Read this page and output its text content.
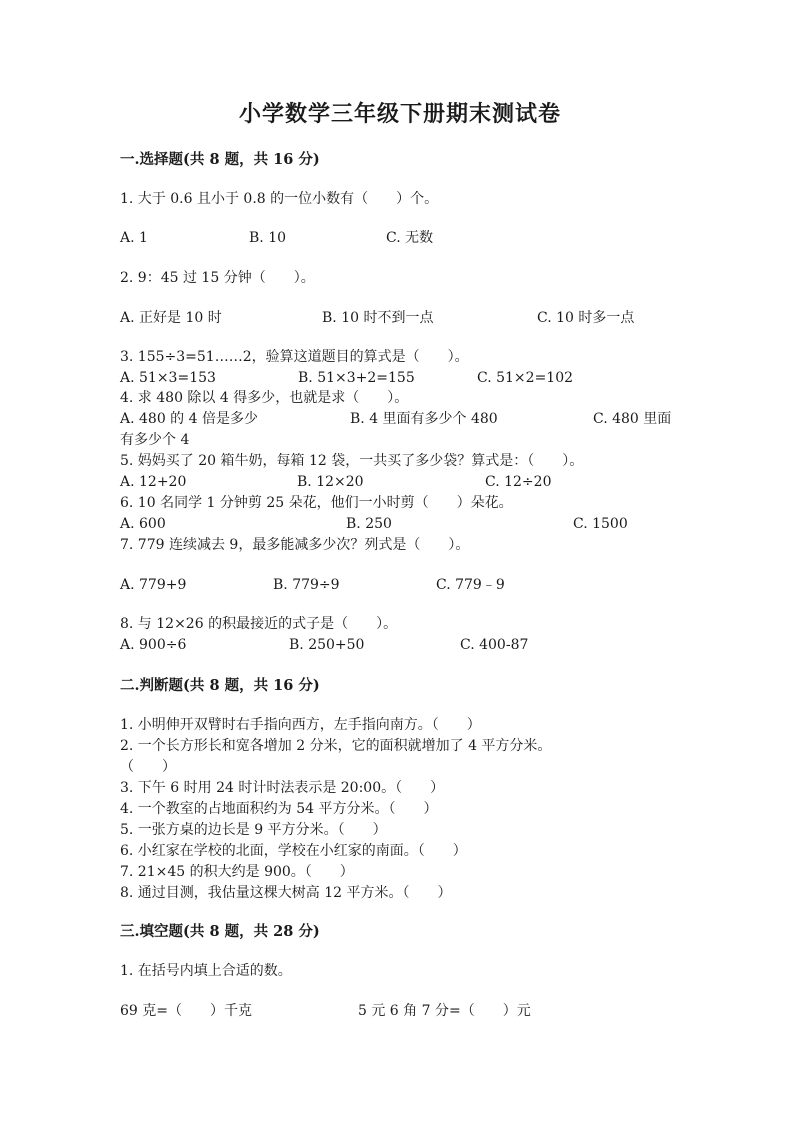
小学数学三年级下册期末测试卷
一.选择题(共 8 题，共 16 分)
1. 大于 0.6 且小于 0.8 的一位小数有（　　）个。
A. 1	B. 10	C. 无数
2. 9：45 过 15 分钟（　　）。
A. 正好是 10 时	B. 10 时不到一点	C. 10 时多一点
3. 155÷3=51……2，验算这道题目的算式是（　　）。
A. 51×3=153	B. 51×3+2=155	C. 51×2=102
4. 求 480 除以 4 得多少，也就是求（　　）。
A. 480 的 4 倍是多少	B. 4 里面有多少个 480	C. 480 里面
有多少个 4
5. 妈妈买了 20 箱牛奶，每箱 12 袋，一共买了多少袋？算式是：（　　）。
A. 12+20	B. 12×20	C. 12÷20
6. 10 名同学 1 分钟剪 25 朵花，他们一小时剪（　　）朵花。
A. 600	B. 250	C. 1500
7. 779 连续减去 9，最多能减多少次？列式是（　　）。
A. 779+9	B. 779÷9	C. 779﹣9
8. 与 12×26 的积最接近的式子是（　　）。
A. 900÷6	B. 250+50	C. 400-87
二.判断题(共 8 题，共 16 分)
1. 小明伸开双臂时右手指向西方，左手指向南方。（　　）
2. 一个长方形长和宽各增加 2 分米，它的面积就增加了 4 平方分米。
（　　）
3. 下午 6 时用 24 时计时法表示是 20:00。（　　）
4. 一个教室的占地面积约为 54 平方分米。（　　）
5. 一张方桌的边长是 9 平方分米。（　　）
6. 小红家在学校的北面，学校在小红家的南面。（　　）
7. 21×45 的积大约是 900。（　　）
8. 通过目测，我估量这棵大树高 12 平方米。（　　）
三.填空题(共 8 题，共 28 分)
1. 在括号内填上合适的数。
69 克=（　　）千克	5 元 6 角 7 分=（　　）元
